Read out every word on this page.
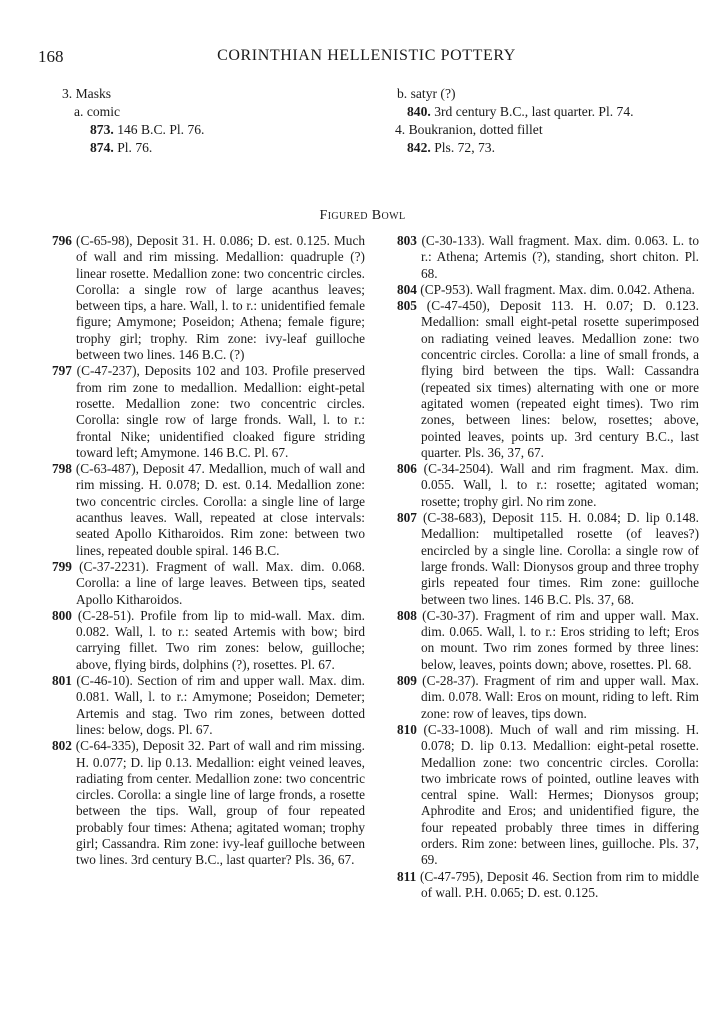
168	CORINTHIAN HELLENISTIC POTTERY
3. Masks
a. comic
873. 146 B.C. Pl. 76.
874. Pl. 76.
b. satyr (?)
840. 3rd century B.C., last quarter. Pl. 74.
4. Boukranion, dotted fillet
842. Pls. 72, 73.
Figured Bowl
796 (C-65-98), Deposit 31. H. 0.086; D. est. 0.125. Much of wall and rim missing. Medallion: quadruple (?) linear rosette. Medallion zone: two concentric circles. Corolla: a single row of large acanthus leaves; between tips, a hare. Wall, l. to r.: unidentified female figure; Amymone; Poseidon; Athena; female figure; trophy girl; trophy. Rim zone: ivy-leaf guilloche between two lines. 146 B.C. (?)
797 (C-47-237), Deposits 102 and 103. Profile preserved from rim zone to medallion. Medallion: eight-petal rosette. Medallion zone: two concentric circles. Corolla: single row of large fronds. Wall, l. to r.: frontal Nike; unidentified cloaked figure striding toward left; Amymone. 146 B.C. Pl. 67.
798 (C-63-487), Deposit 47. Medallion, much of wall and rim missing. H. 0.078; D. est. 0.14. Medallion zone: two concentric circles. Corolla: a single line of large acanthus leaves. Wall, repeated at close intervals: seated Apollo Kitharoidos. Rim zone: between two lines, repeated double spiral. 146 B.C.
799 (C-37-2231). Fragment of wall. Max. dim. 0.068. Corolla: a line of large leaves. Between tips, seated Apollo Kitharoidos.
800 (C-28-51). Profile from lip to mid-wall. Max. dim. 0.082. Wall, l. to r.: seated Artemis with bow; bird carrying fillet. Two rim zones: below, guilloche; above, flying birds, dolphins (?), rosettes. Pl. 67.
801 (C-46-10). Section of rim and upper wall. Max. dim. 0.081. Wall, l. to r.: Amymone; Poseidon; Demeter; Artemis and stag. Two rim zones, between dotted lines: below, dogs. Pl. 67.
802 (C-64-335), Deposit 32. Part of wall and rim missing. H. 0.077; D. lip 0.13. Medallion: eight veined leaves, radiating from center. Medallion zone: two concentric circles. Corolla: a single line of large fronds, a rosette between the tips. Wall, group of four repeated probably four times: Athena; agitated woman; trophy girl; Cassandra. Rim zone: ivy-leaf guilloche between two lines. 3rd century B.C., last quarter? Pls. 36, 67.
803 (C-30-133). Wall fragment. Max. dim. 0.063. L. to r.: Athena; Artemis (?), standing, short chiton. Pl. 68.
804 (CP-953). Wall fragment. Max. dim. 0.042. Athena.
805 (C-47-450), Deposit 113. H. 0.07; D. 0.123. Medallion: small eight-petal rosette superimposed on radiating veined leaves. Medallion zone: two concentric circles. Corolla: a line of small fronds, a flying bird between the tips. Wall: Cassandra (repeated six times) alternating with one or more agitated women (repeated eight times). Two rim zones, between lines: below, rosettes; above, pointed leaves, points up. 3rd century B.C., last quarter. Pls. 36, 37, 67.
806 (C-34-2504). Wall and rim fragment. Max. dim. 0.055. Wall, l. to r.: rosette; agitated woman; rosette; trophy girl. No rim zone.
807 (C-38-683), Deposit 115. H. 0.084; D. lip 0.148. Medallion: multipetalled rosette (of leaves?) encircled by a single line. Corolla: a single row of large fronds. Wall: Dionysos group and three trophy girls repeated four times. Rim zone: guilloche between two lines. 146 B.C. Pls. 37, 68.
808 (C-30-37). Fragment of rim and upper wall. Max. dim. 0.065. Wall, l. to r.: Eros striding to left; Eros on mount. Two rim zones formed by three lines: below, leaves, points down; above, rosettes. Pl. 68.
809 (C-28-37). Fragment of rim and upper wall. Max. dim. 0.078. Wall: Eros on mount, riding to left. Rim zone: row of leaves, tips down.
810 (C-33-1008). Much of wall and rim missing. H. 0.078; D. lip 0.13. Medallion: eight-petal rosette. Medallion zone: two concentric circles. Corolla: two imbricate rows of pointed, outline leaves with central spine. Wall: Hermes; Dionysos group; Aphrodite and Eros; and unidentified figure, the four repeated probably three times in differing orders. Rim zone: between lines, guilloche. Pls. 37, 69.
811 (C-47-795), Deposit 46. Section from rim to middle of wall. P.H. 0.065; D. est. 0.125.
